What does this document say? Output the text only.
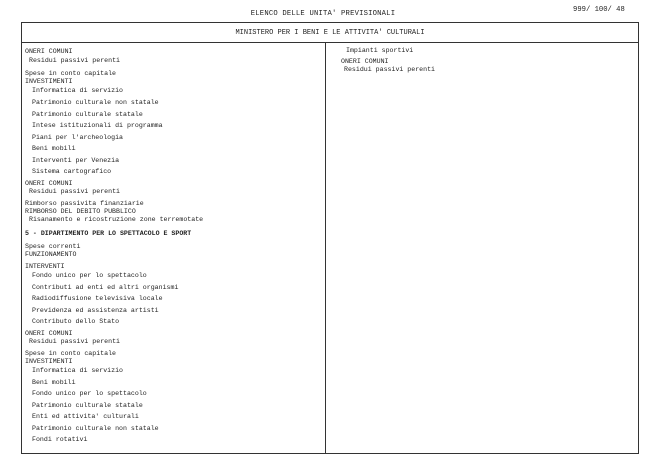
ELENCO DELLE UNITA' PREVISIONALI	999/ 100/ 48
MINISTERO PER I BENI E LE ATTIVITA' CULTURALI
ONERI COMUNI
Residui passivi perenti
Spese in conto capitale
INVESTIMENTI
Informatica di servizio
Patrimonio culturale non statale
Patrimonio culturale statale
Intese istituzionali di programma
Piani per l'archeologia
Beni mobili
Interventi per Venezia
Sistema cartografico
ONERI COMUNI
Residui passivi perenti
Rimborso passivita finanziarie
RIMBORSO DEL DEBITO PUBBLICO
Risanamento e ricostruzione zone terremotate
5 - DIPARTIMENTO PER LO SPETTACOLO E SPORT
Spese correnti
FUNZIONAMENTO
INTERVENTI
Fondo unico per lo spettacolo
Contributi ad enti ed altri organismi
Radiodiffusione televisiva locale
Previdenza ed assistenza artisti
Contributo dello Stato
ONERI COMUNI
Residui passivi perenti
Spese in conto capitale
INVESTIMENTI
Informatica di servizio
Beni mobili
Fondo unico per lo spettacolo
Patrimonio culturale statale
Enti ed attivita' culturali
Patrimonio culturale non statale
Fondi rotativi
Impianti sportivi
ONERI COMUNI
Residui passivi perenti
